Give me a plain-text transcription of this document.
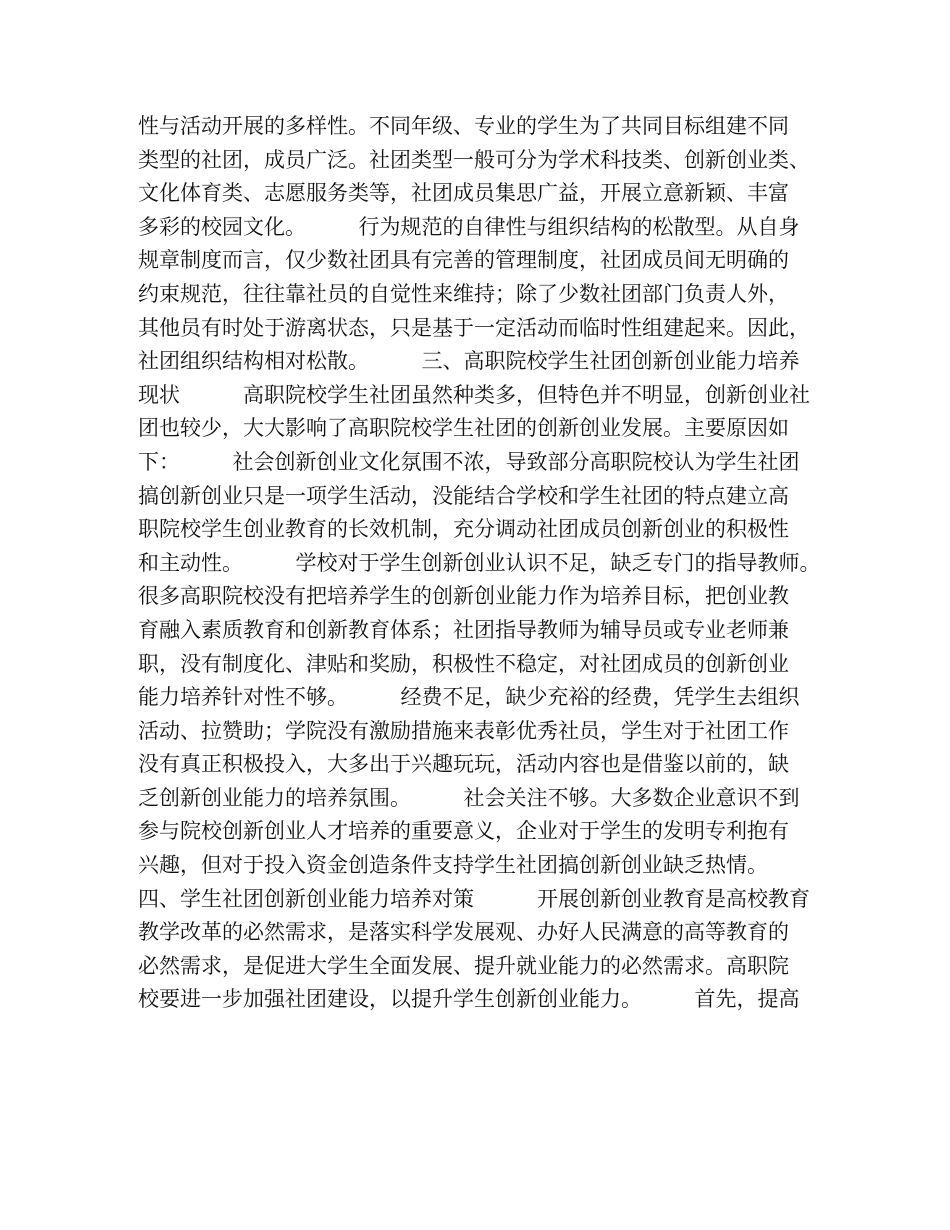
性与活动开展的多样性。不同年级、专业的学生为了共同目标组建不同
类型的社团，成员广泛。社团类型一般可分为学术科技类、创新创业类、
文化体育类、志愿服务类等，社团成员集思广益，开展立意新颖、丰富
多彩的校园文化。　　　行为规范的自律性与组织结构的松散型。从自身
规章制度而言，仅少数社团具有完善的管理制度，社团成员间无明确的
约束规范，往往靠社员的自觉性来维持；除了少数社团部门负责人外，
其他员有时处于游离状态，只是基于一定活动而临时性组建起来。因此，
社团组织结构相对松散。　　　三、高职院校学生社团创新创业能力培养
现状　　　高职院校学生社团虽然种类多，但特色并不明显，创新创业社
团也较少，大大影响了高职院校学生社团的创新创业发展。主要原因如
下：　　　社会创新创业文化氛围不浓，导致部分高职院校认为学生社团
搞创新创业只是一项学生活动，没能结合学校和学生社团的特点建立高
职院校学生创业教育的长效机制，充分调动社团成员创新创业的积极性
和主动性。　　　学校对于学生创新创业认识不足，缺乏专门的指导教师。
很多高职院校没有把培养学生的创新创业能力作为培养目标，把创业教
育融入素质教育和创新教育体系；社团指导教师为辅导员或专业老师兼
职，没有制度化、津贴和奖励，积极性不稳定，对社团成员的创新创业
能力培养针对性不够。　　　经费不足，缺少充裕的经费，凭学生去组织
活动、拉赞助；学院没有激励措施来表彰优秀社员，学生对于社团工作
没有真正积极投入，大多出于兴趣玩玩，活动内容也是借鉴以前的，缺
乏创新创业能力的培养氛围。　　　社会关注不够。大多数企业意识不到
参与院校创新创业人才培养的重要意义，企业对于学生的发明专利抱有
兴趣，但对于投入资金创造条件支持学生社团搞创新创业缺乏热情。
四、学生社团创新创业能力培养对策　　　开展创新创业教育是高校教育
教学改革的必然需求，是落实科学发展观、办好人民满意的高等教育的
必然需求，是促进大学生全面发展、提升就业能力的必然需求。高职院
校要进一步加强社团建设，以提升学生创新创业能力。　　　首先，提高
